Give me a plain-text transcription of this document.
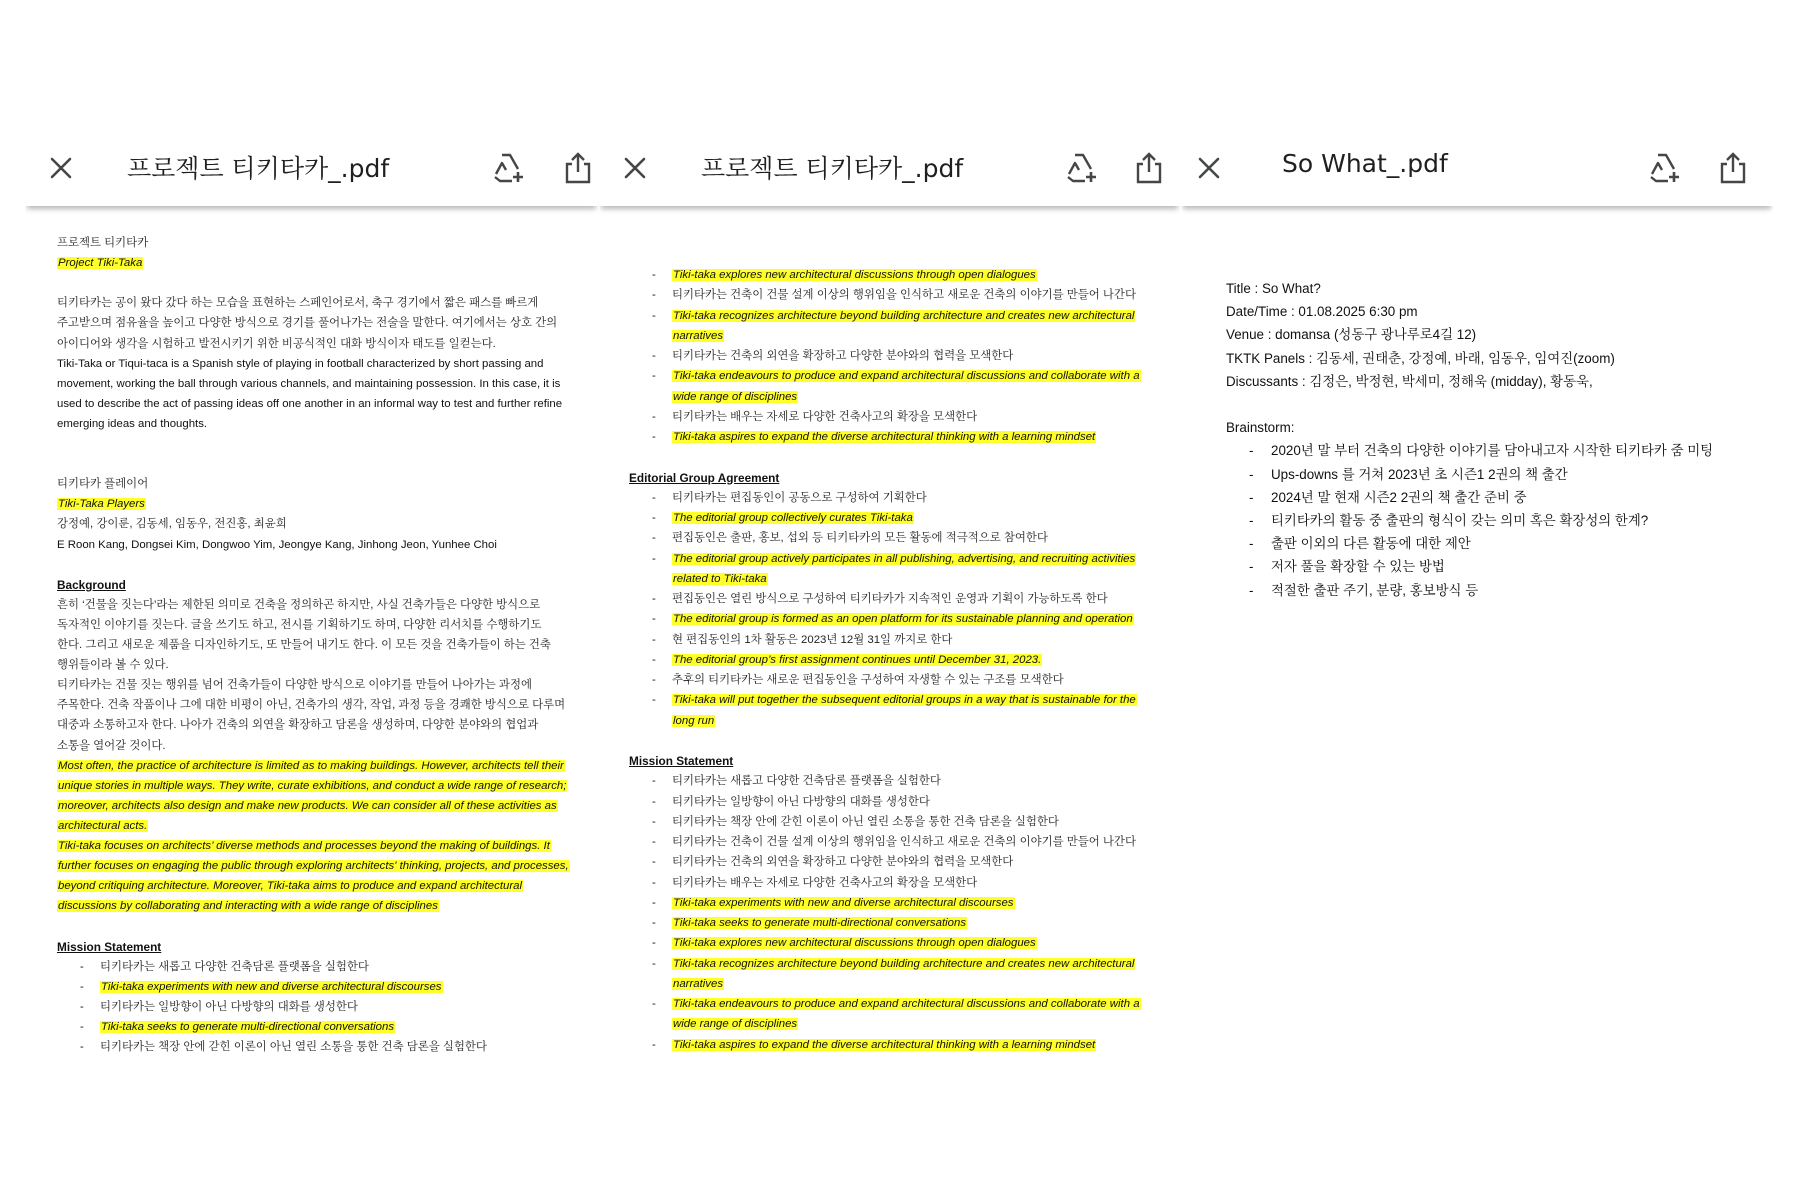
프로젝트 티키타카_.pdf
프로젝트 티키타카
Project Tiki-Taka
티키타카는 공이 왔다 갔다 하는 모습을 표현하는 스페인어로서, 축구 경기에서 짧은 패스를 빠르게
주고받으며 점유율을 높이고 다양한 방식으로 경기를 풀어나가는 전술을 말한다. 여기에서는 상호 간의
아이디어와 생각을 시험하고 발전시키기 위한 비공식적인 대화 방식이자 태도를 일컫는다.
Tiki-Taka or Tiqui-taca is a Spanish style of playing in football characterized by short passing and
movement, working the ball through various channels, and maintaining possession. In this case, it is
used to describe the act of passing ideas off one another in an informal way to test and further refine
emerging ideas and thoughts.
티키타카 플레이어
Tiki-Taka Players
강정예, 강이룬, 김동세, 임동우, 전진홍, 최윤희
E Roon Kang, Dongsei Kim, Dongwoo Yim, Jeongye Kang, Jinhong Jeon, Yunhee Choi
Background
흔히 ‘건물을 짓는다’라는 제한된 의미로 건축을 정의하곤 하지만, 사실 건축가들은 다양한 방식으로
독자적인 이야기를 짓는다. 글을 쓰기도 하고, 전시를 기획하기도 하며, 다양한 리서치를 수행하기도
한다. 그리고 새로운 제품을 디자인하기도, 또 만들어 내기도 한다. 이 모든 것을 건축가들이 하는 건축
행위들이라 볼 수 있다.
티키타카는 건물 짓는 행위를 넘어 건축가들이 다양한 방식으로 이야기를 만들어 나아가는 과정에
주목한다. 건축 작품이나 그에 대한 비평이 아닌, 건축가의 생각, 작업, 과정 등을 경쾌한 방식으로 다루며
대중과 소통하고자 한다. 나아가 건축의 외연을 확장하고 담론을 생성하며, 다양한 분야와의 협업과
소통을 열어갈 것이다.
Most often, the practice of architecture is limited as to making buildings. However, architects tell their
unique stories in multiple ways. They write, curate exhibitions, and conduct a wide range of research;
moreover, architects also design and make new products. We can consider all of these activities as
architectural acts.
Tiki-taka focuses on architects’ diverse methods and processes beyond the making of buildings. It
further focuses on engaging the public through exploring architects' thinking, projects, and processes,
beyond critiquing architecture. Moreover, Tiki-taka aims to produce and expand architectural
discussions by collaborating and interacting with a wide range of disciplines
Mission Statement
- 티키타카는 새롭고 다양한 건축담론 플랫폼을 실험한다
- Tiki-taka experiments with new and diverse architectural discourses
- 티키타카는 일방향이 아닌 다방향의 대화를 생성한다
- Tiki-taka seeks to generate multi-directional conversations
- 티키타카는 책장 안에 갇힌 이론이 아닌 열린 소통을 통한 건축 담론을 실험한다
프로젝트 티키타카_.pdf
- Tiki-taka explores new architectural discussions through open dialogues
- 티키타카는 건축이 건물 설계 이상의 행위임을 인식하고 새로운 건축의 이야기를 만들어 나간다
- Tiki-taka recognizes architecture beyond building architecture and creates new architectural
narratives
- 티키타카는 건축의 외연을 확장하고 다양한 분야와의 협력을 모색한다
- Tiki-taka endeavours to produce and expand architectural discussions and collaborate with a
wide range of disciplines
- 티키타카는 배우는 자세로 다양한 건축사고의 확장을 모색한다
- Tiki-taka aspires to expand the diverse architectural thinking with a learning mindset
Editorial Group Agreement
- 티키타카는 편집동인이 공동으로 구성하여 기획한다
- The editorial group collectively curates Tiki-taka
- 편집동인은 출판, 홍보, 섭외 등 티키타카의 모든 활동에 적극적으로 참여한다
- The editorial group actively participates in all publishing, advertising, and recruiting activities
related to Tiki-taka
- 편집동인은 열린 방식으로 구성하여 티키타카가 지속적인 운영과 기획이 가능하도록 한다
- The editorial group is formed as an open platform for its sustainable planning and operation
- 현 편집동인의 1차 활동은 2023년 12월 31일 까지로 한다
- The editorial group’s first assignment continues until December 31, 2023.
- 추후의 티키타카는 새로운 편집동인을 구성하여 자생할 수 있는 구조를 모색한다
- Tiki-taka will put together the subsequent editorial groups in a way that is sustainable for the
long run
Mission Statement
- 티키타카는 새롭고 다양한 건축담론 플랫폼을 실험한다
- 티키타카는 일방향이 아닌 다방향의 대화를 생성한다
- 티키타카는 책장 안에 갇힌 이론이 아닌 열린 소통을 통한 건축 담론을 실험한다
- 티키타카는 건축이 건물 설계 이상의 행위임을 인식하고 새로운 건축의 이야기를 만들어 나간다
- 티키타카는 건축의 외연을 확장하고 다양한 분야와의 협력을 모색한다
- 티키타카는 배우는 자세로 다양한 건축사고의 확장을 모색한다
- Tiki-taka experiments with new and diverse architectural discourses
- Tiki-taka seeks to generate multi-directional conversations
- Tiki-taka explores new architectural discussions through open dialogues
- Tiki-taka recognizes architecture beyond building architecture and creates new architectural
narratives
- Tiki-taka endeavours to produce and expand architectural discussions and collaborate with a
wide range of disciplines
- Tiki-taka aspires to expand the diverse architectural thinking with a learning mindset
So What_.pdf
Title : So What?
Date/Time : 01.08.2025 6:30 pm
Venue : domansa (성동구 광나루로4길 12)
TKTK Panels : 김동세, 권태춘, 강정예, 바래, 임동우, 임여진(zoom)
Discussants : 김정은, 박정현, 박세미, 정해욱 (midday), 황동욱,
Brainstorm:
- 2020년 말 부터 건축의 다양한 이야기를 담아내고자 시작한 티키타카 줌 미팅
- Ups-downs 를 거쳐 2023년 초 시즌1 2권의 책 출간
- 2024년 말 현재 시즌2 2권의 책 출간 준비 중
- 티키타카의 활동 중 출판의 형식이 갖는 의미 혹은 확장성의 한계?
- 출판 이외의 다른 활동에 대한 제안
- 저자 풀을 확장할 수 있는 방법
- 적절한 출판 주기, 분량, 홍보방식 등
